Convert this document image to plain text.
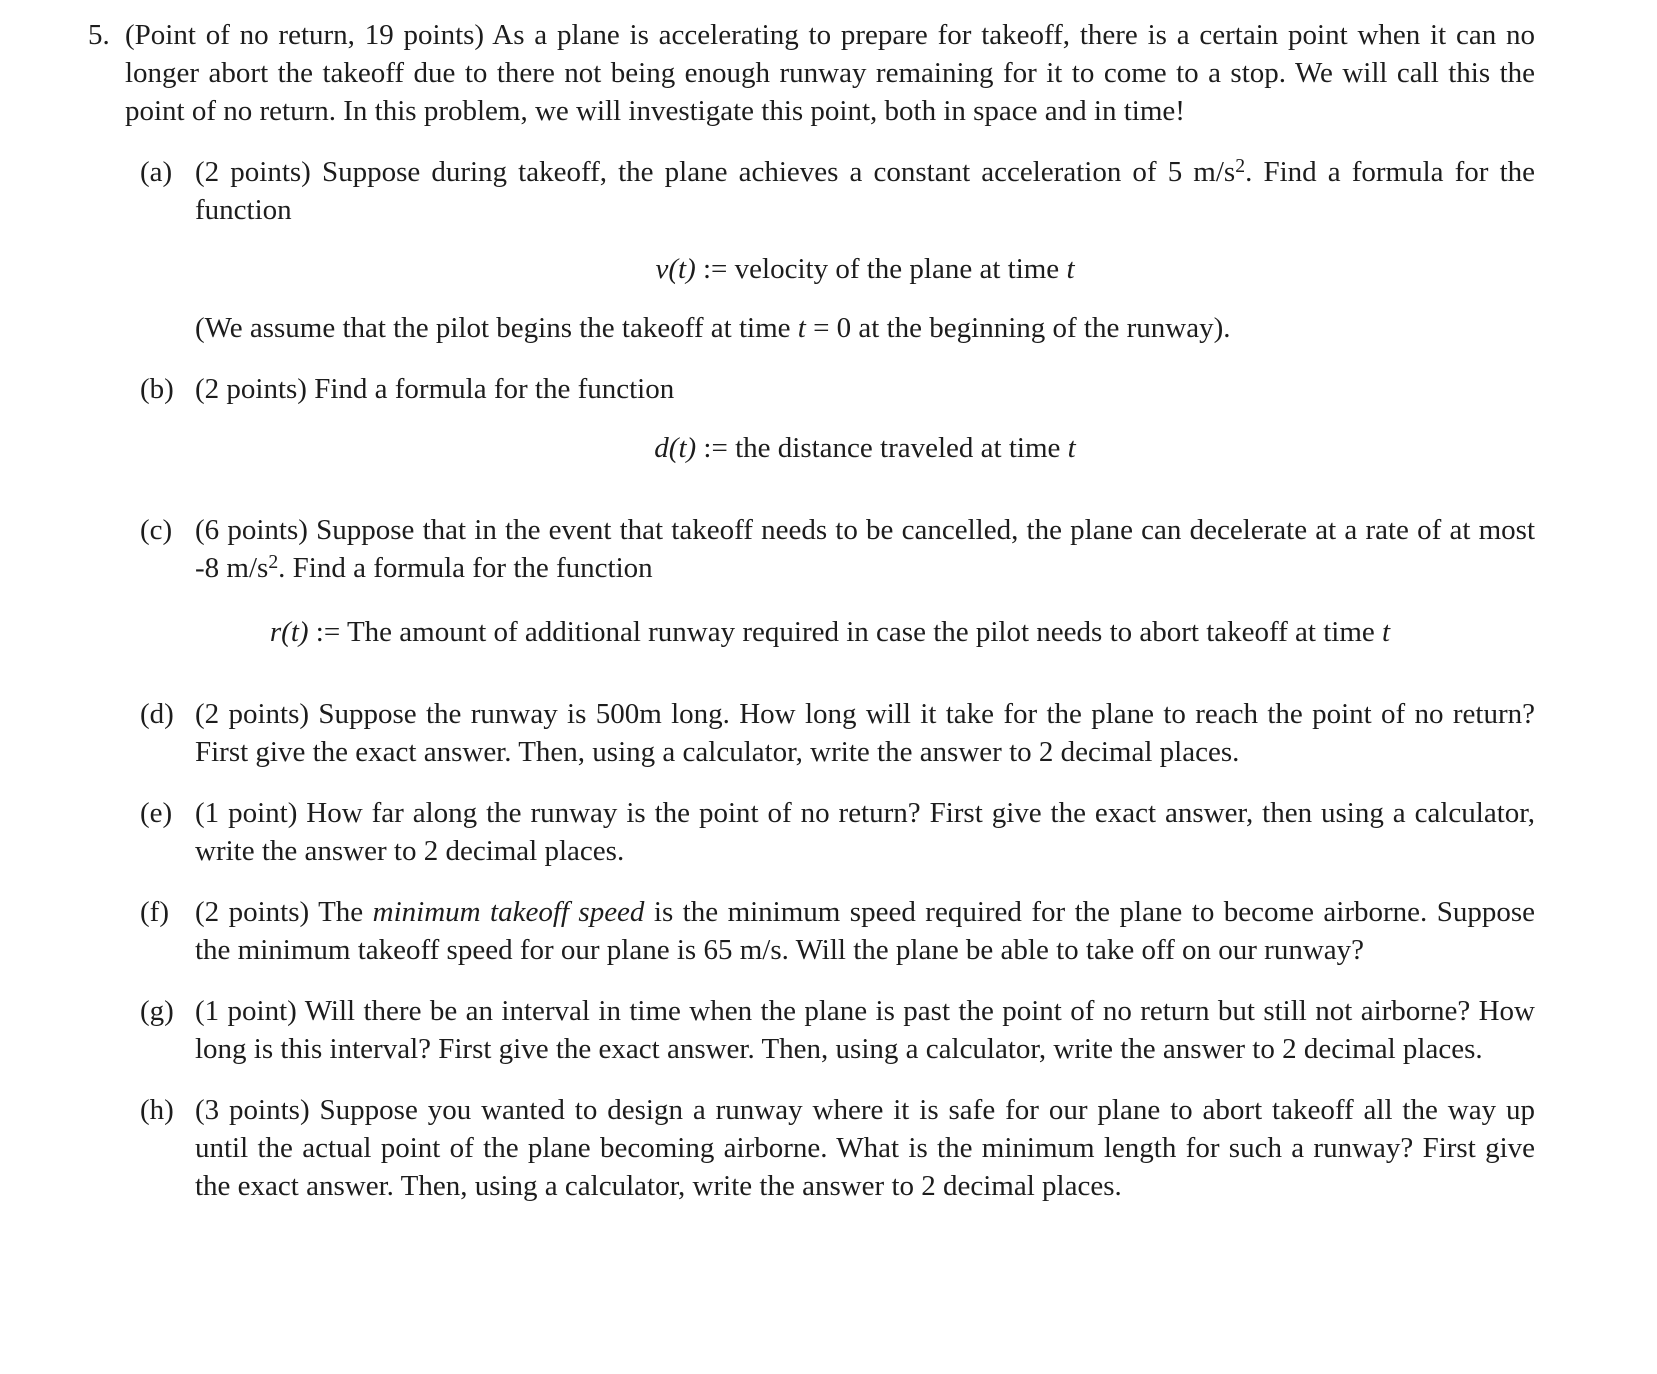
5. (Point of no return, 19 points) As a plane is accelerating to prepare for takeoff, there is a certain point when it can no longer abort the takeoff due to there not being enough runway remaining for it to come to a stop. We will call this the point of no return. In this problem, we will investigate this point, both in space and in time!
(a) (2 points) Suppose during takeoff, the plane achieves a constant acceleration of 5 $m/s^2$. Find a formula for the function
v(t) := velocity of the plane at time t
(We assume that the pilot begins the takeoff at time t = 0 at the beginning of the runway).
(b) (2 points) Find a formula for the function
d(t) := the distance traveled at time t
(c) (6 points) Suppose that in the event that takeoff needs to be cancelled, the plane can decelerate at a rate of at most -8 $m/s^2$. Find a formula for the function
r(t) := The amount of additional runway required in case the pilot needs to abort takeoff at time t
(d) (2 points) Suppose the runway is 500m long. How long will it take for the plane to reach the point of no return? First give the exact answer. Then, using a calculator, write the answer to 2 decimal places.
(e) (1 point) How far along the runway is the point of no return? First give the exact answer, then using a calculator, write the answer to 2 decimal places.
(f) (2 points) The minimum takeoff speed is the minimum speed required for the plane to become airborne. Suppose the minimum takeoff speed for our plane is 65 m/s. Will the plane be able to take off on our runway?
(g) (1 point) Will there be an interval in time when the plane is past the point of no return but still not airborne? How long is this interval? First give the exact answer. Then, using a calculator, write the answer to 2 decimal places.
(h) (3 points) Suppose you wanted to design a runway where it is safe for our plane to abort takeoff all the way up until the actual point of the plane becoming airborne. What is the minimum length for such a runway? First give the exact answer. Then, using a calculator, write the answer to 2 decimal places.
